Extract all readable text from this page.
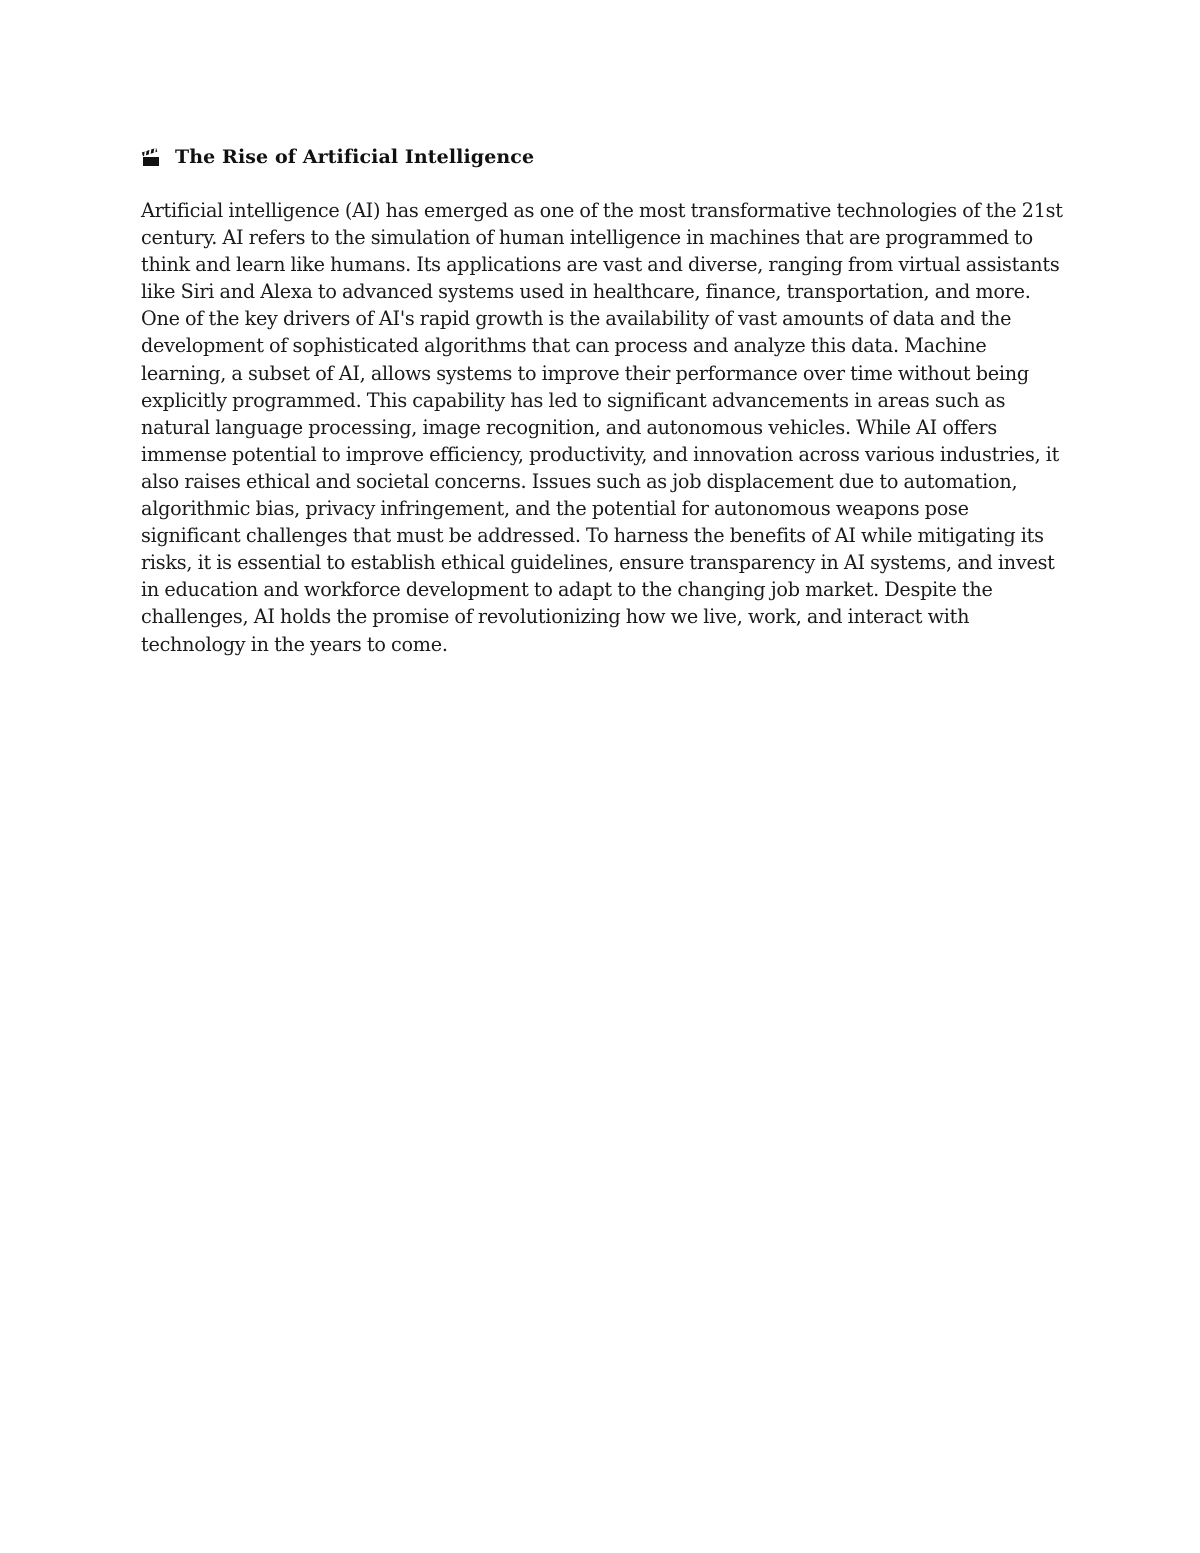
The Rise of Artificial Intelligence

Artificial intelligence (AI) has emerged as one of the most transformative technologies of the 21st century. AI refers to the simulation of human intelligence in machines that are programmed to think and learn like humans. Its applications are vast and diverse, ranging from virtual assistants like Siri and Alexa to advanced systems used in healthcare, finance, transportation, and more. One of the key drivers of AI's rapid growth is the availability of vast amounts of data and the development of sophisticated algorithms that can process and analyze this data. Machine learning, a subset of AI, allows systems to improve their performance over time without being explicitly programmed. This capability has led to significant advancements in areas such as natural language processing, image recognition, and autonomous vehicles. While AI offers immense potential to improve efficiency, productivity, and innovation across various industries, it also raises ethical and societal concerns. Issues such as job displacement due to automation, algorithmic bias, privacy infringement, and the potential for autonomous weapons pose significant challenges that must be addressed. To harness the benefits of AI while mitigating its risks, it is essential to establish ethical guidelines, ensure transparency in AI systems, and invest in education and workforce development to adapt to the changing job market. Despite the challenges, AI holds the promise of revolutionizing how we live, work, and interact with technology in the years to come.
